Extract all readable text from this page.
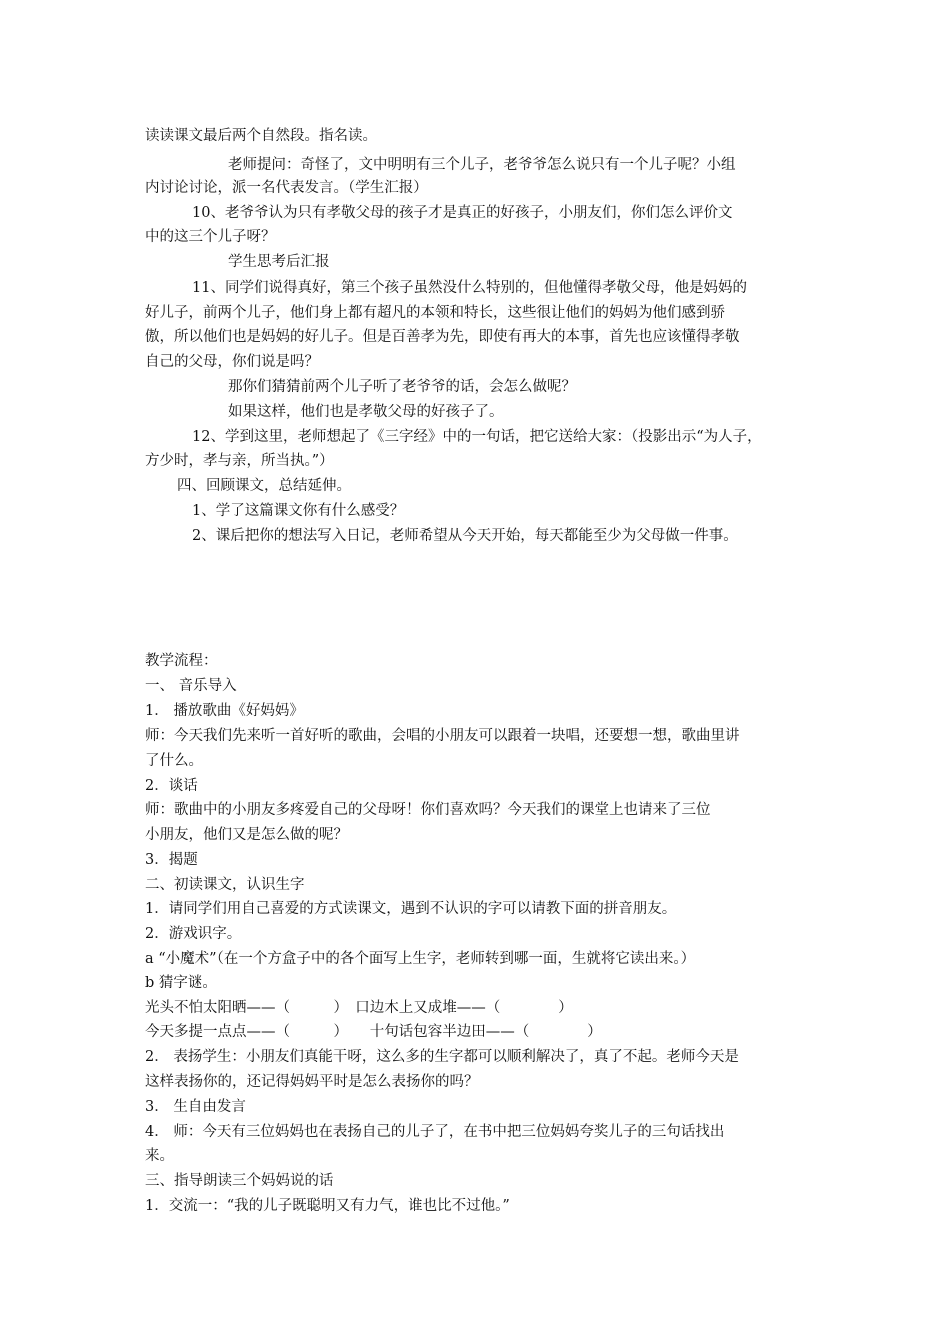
读读课文最后两个自然段。指名读。
老师提问：奇怪了，文中明明有三个儿子，老爷爷怎么说只有一个儿子呢？小组
内讨论讨论，派一名代表发言。（学生汇报）
10、老爷爷认为只有孝敬父母的孩子才是真正的好孩子，小朋友们，你们怎么评价文
中的这三个儿子呀？
学生思考后汇报
11、同学们说得真好，第三个孩子虽然没什么特别的，但他懂得孝敬父母，他是妈妈的
好儿子，前两个儿子，他们身上都有超凡的本领和特长，这些很让他们的妈妈为他们感到骄
傲，所以他们也是妈妈的好儿子。但是百善孝为先，即使有再大的本事，首先也应该懂得孝敬
自己的父母，你们说是吗？
那你们猜猜前两个儿子听了老爷爷的话，会怎么做呢？
如果这样，他们也是孝敬父母的好孩子了。
12、学到这里，老师想起了《三字经》中的一句话，把它送给大家：（投影出示“为人子，
方少时，孝与亲，所当执。”）
四、回顾课文，总结延伸。
1、学了这篇课文你有什么感受？
2、课后把你的想法写入日记，老师希望从今天开始，每天都能至少为父母做一件事。
教学流程：
一、 音乐导入
1． 播放歌曲《好妈妈》
师：今天我们先来听一首好听的歌曲，会唱的小朋友可以跟着一块唱，还要想一想，歌曲里讲
了什么。
2．谈话
师：歌曲中的小朋友多疼爱自己的父母呀！你们喜欢吗？今天我们的课堂上也请来了三位
小朋友，他们又是怎么做的呢？
3．揭题
二、初读课文，认识生字
1．请同学们用自己喜爱的方式读课文，遇到不认识的字可以请教下面的拼音朋友。
2．游戏识字。
a “小魔术”（在一个方盒子中的各个面写上生字，老师转到哪一面，生就将它读出来。）
b 猜字谜。
光头不怕太阳晒——（　　　）　口边木上又成堆——（　　　　）
今天多提一点点——（　　　）　　十句话包容半边田——（　　　　）
2． 表扬学生：小朋友们真能干呀，这么多的生字都可以顺利解决了，真了不起。老师今天是
这样表扬你的，还记得妈妈平时是怎么表扬你的吗？
3． 生自由发言
4． 师：今天有三位妈妈也在表扬自己的儿子了，在书中把三位妈妈夸奖儿子的三句话找出
来。
三、指导朗读三个妈妈说的话
1．交流一：“我的儿子既聪明又有力气，谁也比不过他。”
